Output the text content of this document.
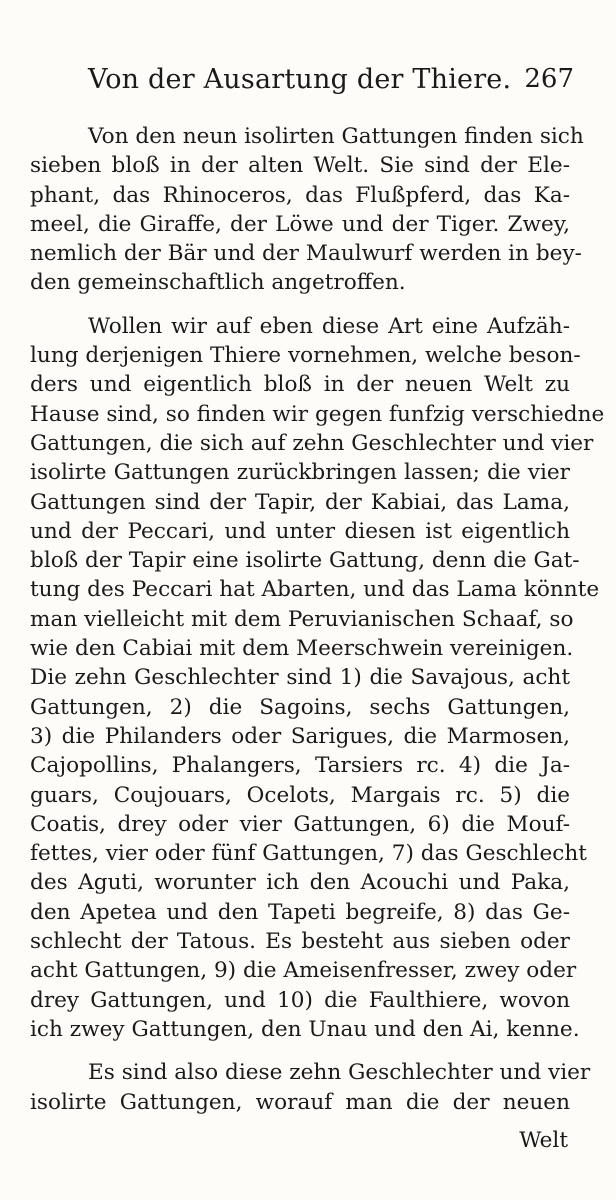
Von der Ausartung der Thiere. 267
Von den neun isolirten Gattungen finden sich
sieben bloß in der alten Welt. Sie sind der Ele-
phant, das Rhinoceros, das Flußpferd, das Ka-
meel, die Giraffe, der Löwe und der Tiger. Zwey,
nemlich der Bär und der Maulwurf werden in bey-
den gemeinschaftlich angetroffen.
Wollen wir auf eben diese Art eine Aufzäh-
lung derjenigen Thiere vornehmen, welche beson-
ders und eigentlich bloß in der neuen Welt zu
Hause sind, so finden wir gegen funfzig verschiedne
Gattungen, die sich auf zehn Geschlechter und vier
isolirte Gattungen zurückbringen lassen; die vier
Gattungen sind der Tapir, der Kabiai, das Lama,
und der Peccari, und unter diesen ist eigentlich
bloß der Tapir eine isolirte Gattung, denn die Gat-
tung des Peccari hat Abarten, und das Lama könnte
man vielleicht mit dem Peruvianischen Schaaf, so
wie den Cabiai mit dem Meerschwein vereinigen.
Die zehn Geschlechter sind 1) die Savajous, acht
Gattungen, 2) die Sagoins, sechs Gattungen,
3) die Philanders oder Sarigues, die Marmosen,
Cajopollins, Phalangers, Tarsiers rc. 4) die Ja-
guars, Coujouars, Ocelots, Margais rc. 5) die
Coatis, drey oder vier Gattungen, 6) die Mouf-
fettes, vier oder fünf Gattungen, 7) das Geschlecht
des Aguti, worunter ich den Acouchi und Paka,
den Apetea und den Tapeti begreife, 8) das Ge-
schlecht der Tatous. Es besteht aus sieben oder
acht Gattungen, 9) die Ameisenfresser, zwey oder
drey Gattungen, und 10) die Faulthiere, wovon
ich zwey Gattungen, den Unau und den Ai, kenne.
Es sind also diese zehn Geschlechter und vier
isolirte Gattungen, worauf man die der neuen
Welt
